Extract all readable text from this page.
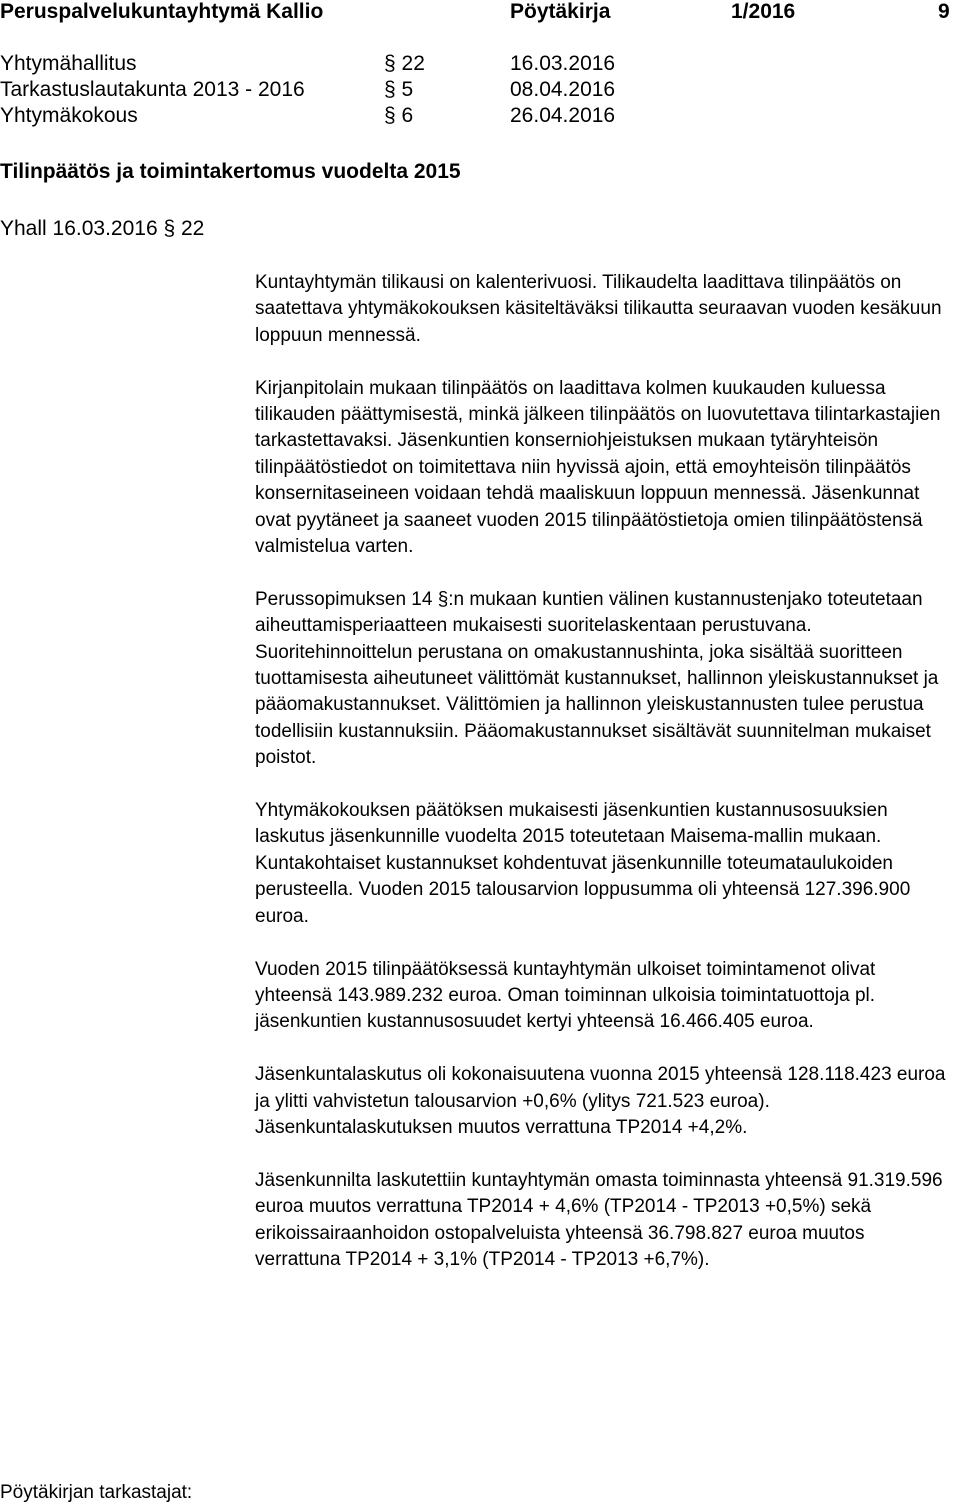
Peruspalvelukuntayhtymä Kallio	Pöytäkirja	1/2016	9
Yhtymähallitus	§ 22	16.03.2016
Tarkastuslautakunta 2013 - 2016	§ 5	08.04.2016
Yhtymäkokous	§ 6	26.04.2016
Tilinpäätös ja toimintakertomus vuodelta 2015
Yhall 16.03.2016 § 22

Kuntayhtymän tilikausi on kalenterivuosi. Tilikaudelta laadittava tilinpäätös on saatettava yhtymäkokouksen käsiteltäväksi tilikautta seuraavan vuoden kesäkuun loppuun mennessä.

Kirjanpitolain mukaan tilinpäätös on laadittava kolmen kuukauden kuluessa tilikauden päättymisestä, minkä jälkeen tilinpäätös on luovutettava tilintarkastajien tarkastettavaksi. Jäsenkuntien konserniohjeistuksen mukaan tytäryhteisön tilinpäätöstiedot on toimitettava niin hyvissä ajoin, että emoyhteisön tilinpäätös konsernitaseineen voidaan tehdä maaliskuun loppuun mennessä. Jäsenkunnat ovat pyytäneet ja saaneet vuoden 2015 tilinpäätöstietoja omien tilinpäätöstensä valmistelua varten.

Perussopimuksen 14 §:n mukaan kuntien välinen kustannustenjako toteutetaan aiheuttamisperiaatteen mukaisesti suoritelaskentaan perustuvana. Suoritehinnoittelun perustana on omakustannushinta, joka sisältää suoritteen tuottamisesta aiheutuneet välittömät kustannukset, hallinnon yleiskustannukset ja pääomakustannukset. Välittömien ja hallinnon yleiskustannusten tulee perustua todellisiin kustannuksiin. Pääomakustannukset sisältävät suunnitelman mukaiset poistot.

Yhtymäkokouksen päätöksen mukaisesti jäsenkuntien kustannusosuuksien laskutus jäsenkunnille vuodelta 2015 toteutetaan Maisema-mallin mukaan. Kuntakohtaiset kustannukset kohdentuvat jäsenkunnille toteumataulukoiden perusteella. Vuoden 2015 talousarvion loppusumma oli yhteensä 127.396.900 euroa.

Vuoden 2015 tilinpäätöksessä kuntayhtymän ulkoiset toimintamenot olivat yhteensä 143.989.232 euroa. Oman toiminnan ulkoisia toimintatuottoja pl. jäsenkuntien kustannusosuudet kertyi yhteensä 16.466.405 euroa.

Jäsenkuntalaskutus oli kokonaisuutena vuonna 2015 yhteensä 128.118.423 euroa ja ylitti vahvistetun talousarvion +0,6% (ylitys 721.523 euroa). Jäsenkuntalaskutuksen muutos verrattuna TP2014 +4,2%.

Jäsenkunnilta laskutettiin kuntayhtymän omasta toiminnasta yhteensä 91.319.596 euroa muutos verrattuna TP2014 + 4,6% (TP2014 - TP2013 +0,5%) sekä erikoissairaanhoidon ostopalveluista yhteensä 36.798.827 euroa muutos verrattuna TP2014 + 3,1% (TP2014 - TP2013 +6,7%).

Pöytäkirjan tarkastajat:
